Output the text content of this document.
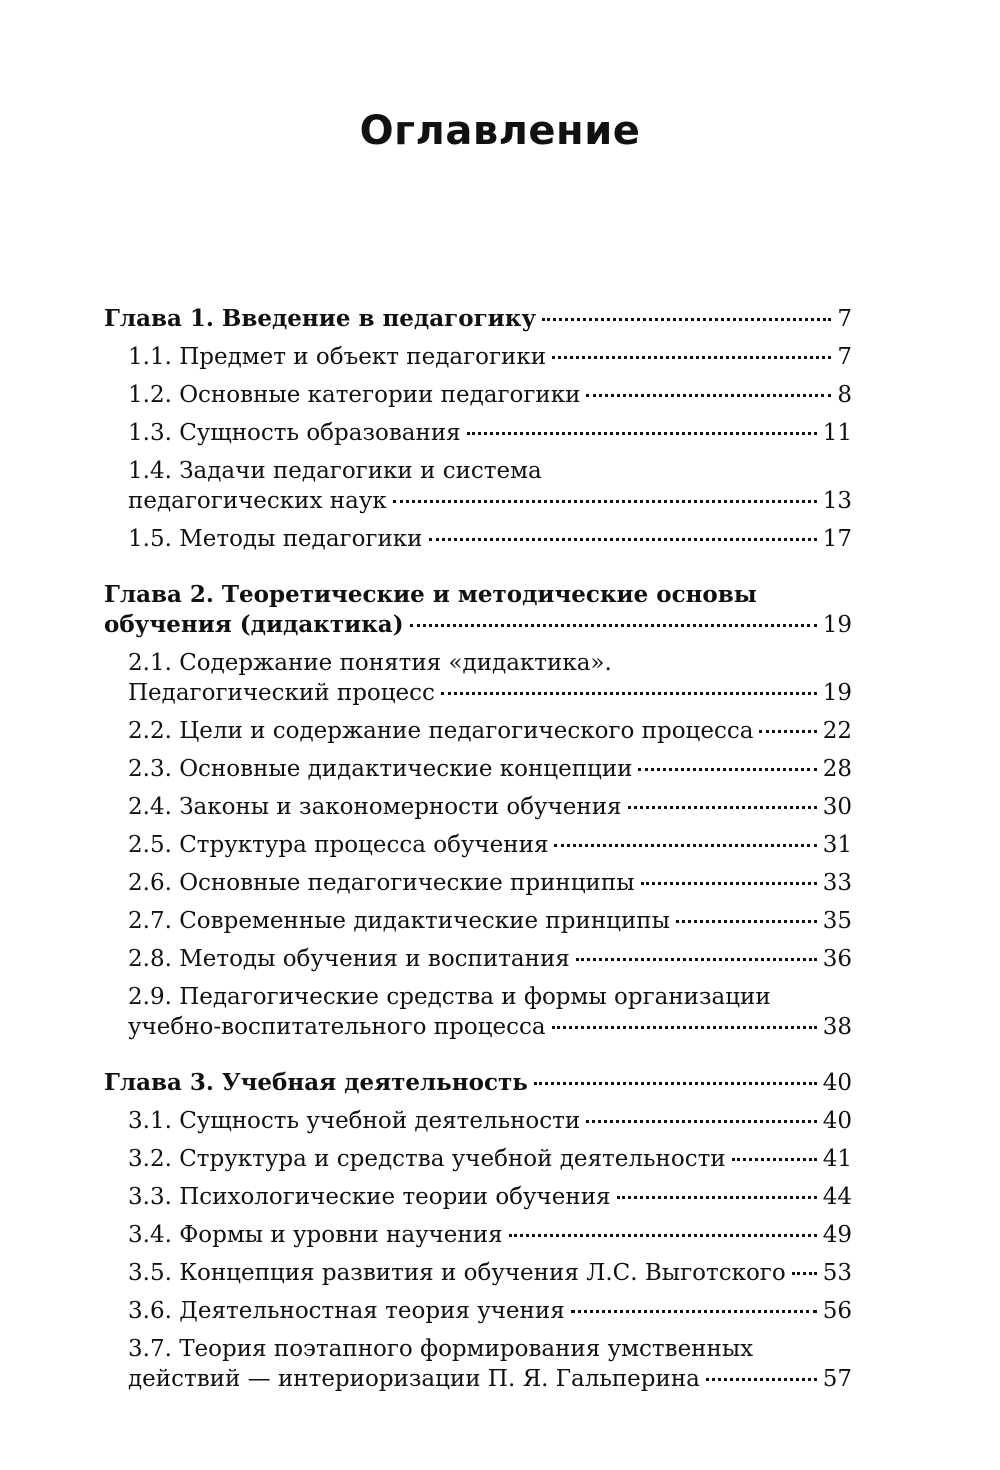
Оглавление
Глава 1. Введение в педагогику	7
1.1. Предмет и объект педагогики	7
1.2. Основные категории педагогики	8
1.3. Сущность образования	11
1.4. Задачи педагогики и система
педагогических наук	13
1.5. Методы педагогики	17
Глава 2. Теоретические и методические основы
обучения (дидактика)	19
2.1. Содержание понятия «дидактика».
Педагогический процесс	19
2.2. Цели и содержание педагогического процесса	22
2.3. Основные дидактические концепции	28
2.4. Законы и закономерности обучения	30
2.5. Структура процесса обучения	31
2.6. Основные педагогические принципы	33
2.7. Современные дидактические принципы	35
2.8. Методы обучения и воспитания	36
2.9. Педагогические средства и формы организации
учебно-воспитательного процесса	38
Глава 3. Учебная деятельность	40
3.1. Сущность учебной деятельности	40
3.2. Структура и средства учебной деятельности	41
3.3. Психологические теории обучения	44
3.4. Формы и уровни научения	49
3.5. Концепция развития и обучения Л.С. Выготского 53
3.6. Деятельностная теория учения	56
3.7. Теория поэтапного формирования умственных
действий — интериоризации П. Я. Гальперина	57
